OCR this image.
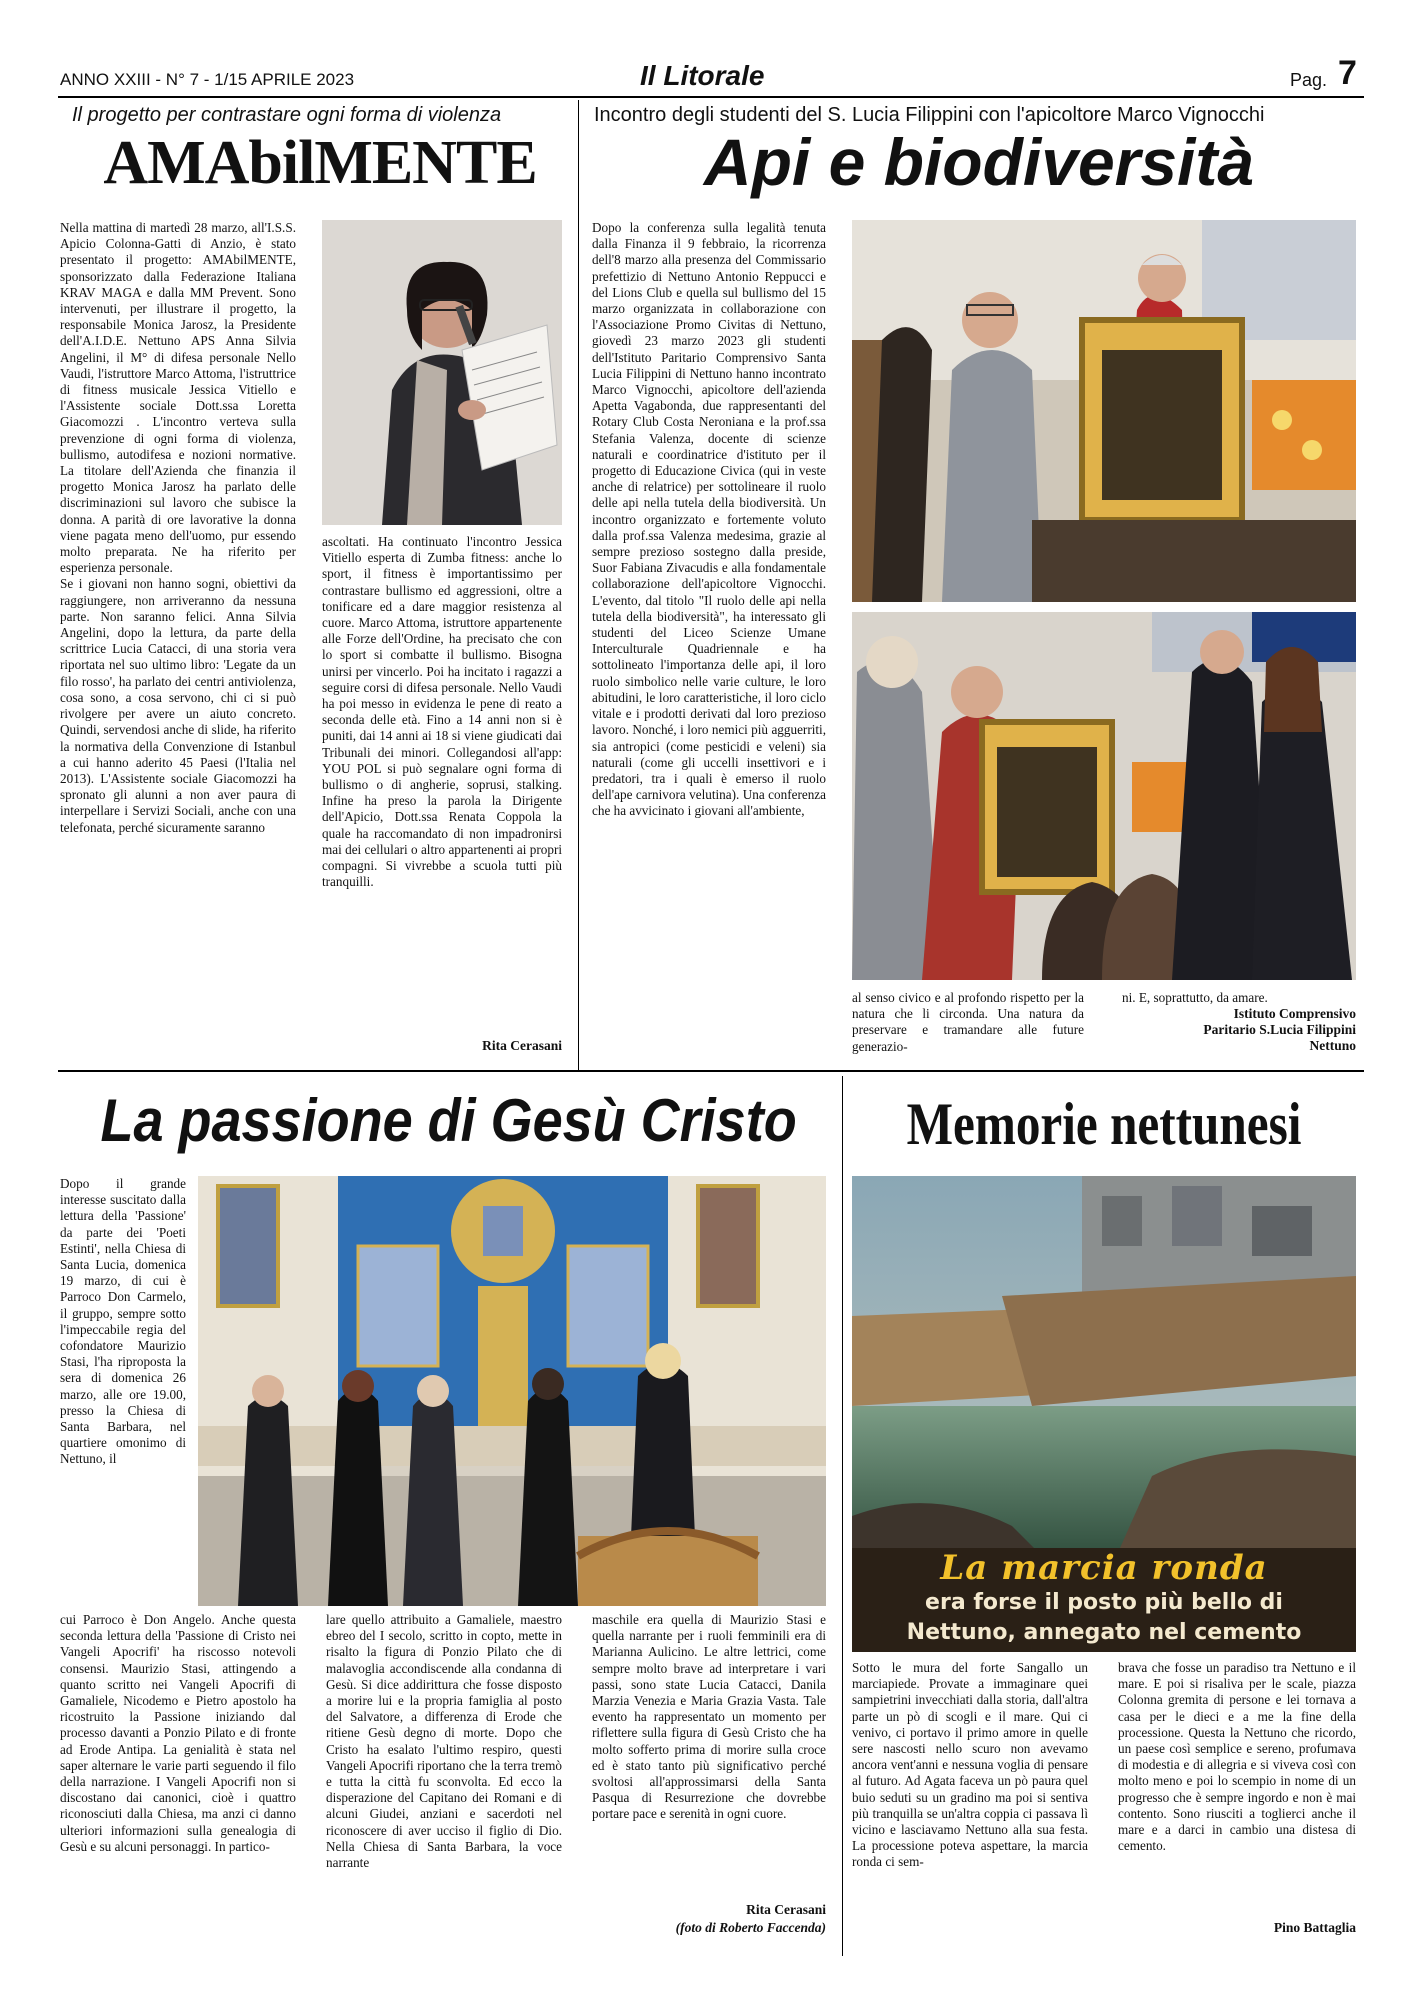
ANNO XXIII - N° 7 - 1/15 APRILE 2023	Il Litorale	Pag. 7
Il progetto per contrastare ogni forma di violenza
AMAbilMENTE

Nella mattina di martedì 28 marzo, all'I.S.S. Apicio Colonna-Gatti di Anzio, è stato presentato il progetto: AMAbilMENTE, sponsorizzato dalla Federazione Italiana KRAV MAGA e dalla MM Prevent. Sono intervenuti, per illustrare il progetto, la responsabile Monica Jarosz, la Presidente dell'A.I.D.E. Nettuno APS Anna Silvia Angelini, il M° di difesa personale Nello Vaudi, l'istruttore Marco Attoma, l'istruttrice di fitness musicale Jessica Vitiello e l'Assistente sociale Dott.ssa Loretta Giacomozzi . L'incontro verteva sulla prevenzione di ogni forma di violenza, bullismo, autodifesa e nozioni normative. La titolare dell'Azienda che finanzia il progetto Monica Jarosz ha parlato delle discriminazioni sul lavoro che subisce la donna. A parità di ore lavorative la donna viene pagata meno dell'uomo, pur essendo molto preparata. Ne ha riferito per esperienza personale.

Se i giovani non hanno sogni, obiettivi da raggiungere, non arriveranno da nessuna parte. Non saranno felici. Anna Silvia Angelini, dopo la lettura, da parte della scrittrice Lucia Catacci, di una storia vera riportata nel suo ultimo libro: 'Legate da un filo rosso', ha parlato dei centri antiviolenza, cosa sono, a cosa servono, chi ci si può rivolgere per avere un aiuto concreto. Quindi, servendosi anche di slide, ha riferito la normativa della Convenzione di Istanbul a cui hanno aderito 45 Paesi (l'Italia nel 2013). L'Assistente sociale Giacomozzi ha spronato gli alunni a non aver paura di interpellare i Servizi Sociali, anche con una telefonata, perché sicuramente saranno

ascoltati. Ha continuato l'incontro Jessica Vitiello esperta di Zumba fitness: anche lo sport, il fitness è importantissimo per contrastare bullismo ed aggressioni, oltre a tonificare ed a dare maggior resistenza al cuore. Marco Attoma, istruttore appartenente alle Forze dell'Ordine, ha precisato che con lo sport si combatte il bullismo. Bisogna unirsi per vincerlo. Poi ha incitato i ragazzi a seguire corsi di difesa personale. Nello Vaudi ha poi messo in evidenza le pene di reato a seconda delle età. Fino a 14 anni non si è puniti, dai 14 anni ai 18 si viene giudicati dai Tribunali dei minori. Collegandosi all'app: YOU POL si può segnalare ogni forma di bullismo o di angherie, soprusi, stalking. Infine ha preso la parola la Dirigente dell'Apicio, Dott.ssa Renata Coppola la quale ha raccomandato di non impadronirsi mai dei cellulari o altro appartenenti ai propri compagni. Si vivrebbe a scuola tutti più tranquilli.

Rita Cerasani
Incontro degli studenti del S. Lucia Filippini con l'apicoltore Marco Vignocchi
Api e biodiversità

Dopo la conferenza sulla legalità tenuta dalla Finanza il 9 febbraio, la ricorrenza dell'8 marzo alla presenza del Commissario prefettizio di Nettuno Antonio Reppucci e del Lions Club e quella sul bullismo del 15 marzo organizzata in collaborazione con l'Associazione Promo Civitas di Nettuno, giovedì 23 marzo 2023 gli studenti dell'Istituto Paritario Comprensivo Santa Lucia Filippini di Nettuno hanno incontrato Marco Vignocchi, apicoltore dell'azienda Apetta Vagabonda, due rappresentanti del Rotary Club Costa Neroniana e la prof.ssa Stefania Valenza, docente di scienze naturali e coordinatrice d'istituto per il progetto di Educazione Civica (qui in veste anche di relatrice) per sottolineare il ruolo delle api nella tutela della biodiversità. Un incontro organizzato e fortemente voluto dalla prof.ssa Valenza medesima, grazie al sempre prezioso sostegno dalla preside, Suor Fabiana Zivacudis e alla fondamentale collaborazione dell'apicoltore Vignocchi. L'evento, dal titolo "Il ruolo delle api nella tutela della biodiversità", ha interessato gli studenti del Liceo Scienze Umane Interculturale Quadriennale e ha sottolineato l'importanza delle api, il loro ruolo simbolico nelle varie culture, le loro abitudini, le loro caratteristiche, il loro ciclo vitale e i prodotti derivati dal loro prezioso lavoro. Nonché, i loro nemici più agguerriti, sia antropici (come pesticidi e veleni) sia naturali (come gli uccelli insettivori e i predatori, tra i quali è emerso il ruolo dell'ape carnivora velutina). Una conferenza che ha avvicinato i giovani all'ambiente,

al senso civico e al profondo rispetto per la natura che li circonda. Una natura da preservare e tramandare alle future generazio-

ni. E, soprattutto, da amare.

Istituto Comprensivo
Paritario S.Lucia Filippini
Nettuno
La passione di Gesù Cristo

Dopo il grande interesse suscitato dalla lettura della 'Passione' da parte dei 'Poeti Estinti', nella Chiesa di Santa Lucia, domenica 19 marzo, di cui è Parroco Don Carmelo, il gruppo, sempre sotto l'impeccabile regia del cofondatore Maurizio Stasi, l'ha riproposta la sera di domenica 26 marzo, alle ore 19.00, presso la Chiesa di Santa Barbara, nel quartiere omonimo di Nettuno, il

cui Parroco è Don Angelo. Anche questa seconda lettura della 'Passione di Cristo nei Vangeli Apocrifi' ha riscosso notevoli consensi. Maurizio Stasi, attingendo a quanto scritto nei Vangeli Apocrifi di Gamaliele, Nicodemo e Pietro apostolo ha ricostruito la Passione iniziando dal processo davanti a Ponzio Pilato e di fronte ad Erode Antipa. La genialità è stata nel saper alternare le varie parti seguendo il filo della narrazione. I Vangeli Apocrifi non si discostano dai canonici, cioè i quattro riconosciuti dalla Chiesa, ma anzi ci danno ulteriori informazioni sulla genealogia di Gesù e su alcuni personaggi. In partico-

lare quello attribuito a Gamaliele, maestro ebreo del I secolo, scritto in copto, mette in risalto la figura di Ponzio Pilato che di malavoglia accondiscende alla condanna di Gesù. Si dice addirittura che fosse disposto a morire lui e la propria famiglia al posto del Salvatore, a differenza di Erode che ritiene Gesù degno di morte. Dopo che Cristo ha esalato l'ultimo respiro, questi Vangeli Apocrifi riportano che la terra tremò e tutta la città fu sconvolta. Ed ecco la disperazione del Capitano dei Romani e di alcuni Giudei, anziani e sacerdoti nel riconoscere di aver ucciso il figlio di Dio. Nella Chiesa di Santa Barbara, la voce narrante

maschile era quella di Maurizio Stasi e quella narrante per i ruoli femminili era di Marianna Aulicino. Le altre lettrici, come sempre molto brave ad interpretare i vari passi, sono state Lucia Catacci, Danila Marzia Venezia e Maria Grazia Vasta. Tale evento ha rappresentato un momento per riflettere sulla figura di Gesù Cristo che ha molto sofferto prima di morire sulla croce ed è stato tanto più significativo perché svoltosi all'approssimarsi della Santa Pasqua di Resurrezione che dovrebbe portare pace e serenità in ogni cuore.

Rita Cerasani
(foto di Roberto Faccenda)
Memorie nettunesi
La marcia ronda
era forse il posto più bello di
Nettuno, annegato nel cemento

Sotto le mura del forte Sangallo un marciapiede. Provate a immaginare quei sampietrini invecchiati dalla storia, dall'altra parte un pò di scogli e il mare. Qui ci venivo, ci portavo il primo amore in quelle sere nascosti nello scuro non avevamo ancora vent'anni e nessuna voglia di pensare al futuro. Ad Agata faceva un pò paura quel buio seduti su un gradino ma poi si sentiva più tranquilla se un'altra coppia ci passava lì vicino e lasciavamo Nettuno alla sua festa. La processione poteva aspettare, la marcia ronda ci sem-

brava che fosse un paradiso tra Nettuno e il mare. E poi si risaliva per le scale, piazza Colonna gremita di persone e lei tornava a casa per le dieci e a me la fine della processione. Questa la Nettuno che ricordo, un paese così semplice e sereno, profumava di modestia e di allegria e si viveva così con molto meno e poi lo scempio in nome di un progresso che è sempre ingordo e non è mai contento. Sono riusciti a toglierci anche il mare e a darci in cambio una distesa di cemento.

Pino Battaglia
